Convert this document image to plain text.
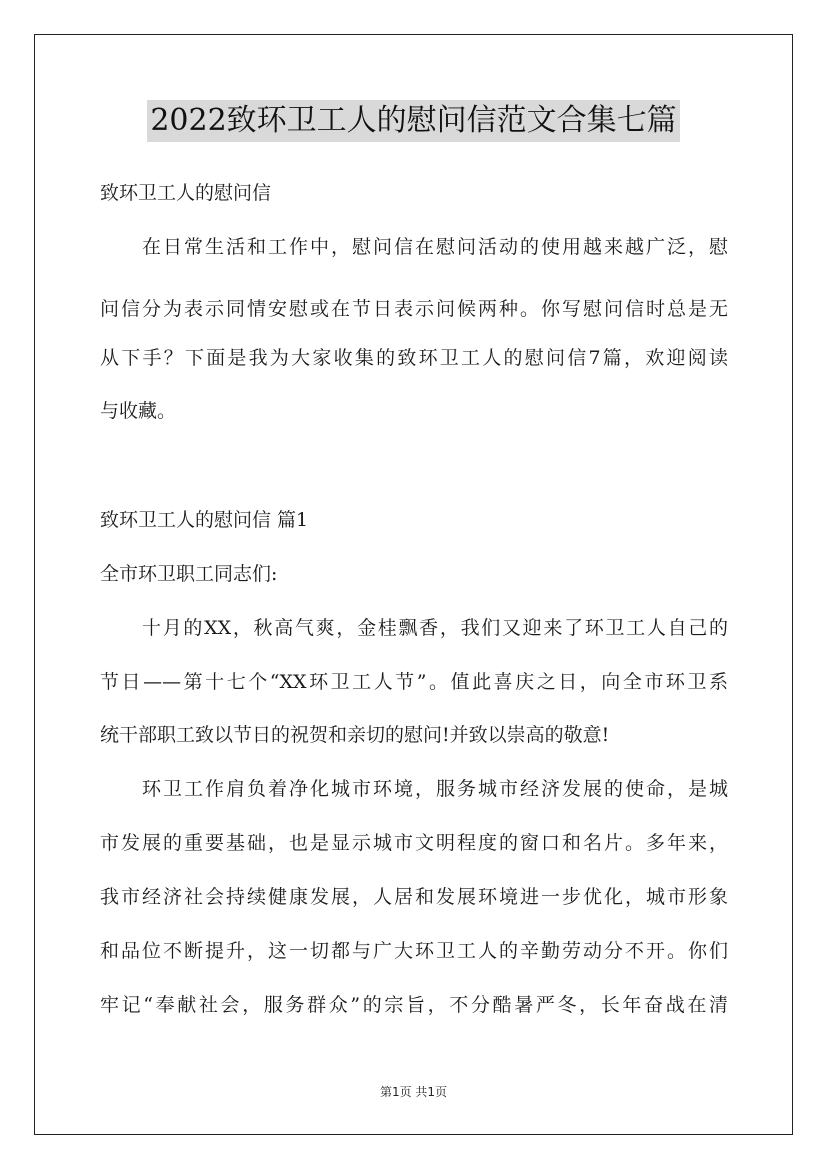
2022致环卫工人的慰问信范文合集七篇
致环卫工人的慰问信
在日常生活和工作中，慰问信在慰问活动的使用越来越广泛，慰
问信分为表示同情安慰或在节日表示问候两种。你写慰问信时总是无
从下手？下面是我为大家收集的致环卫工人的慰问信7篇，欢迎阅读
与收藏。
致环卫工人的慰问信 篇1
全市环卫职工同志们:
十月的XX，秋高气爽，金桂飘香，我们又迎来了环卫工人自己的
节日——第十七个“XX环卫工人节”。值此喜庆之日，向全市环卫系
统干部职工致以节日的祝贺和亲切的慰问!并致以崇高的敬意!
环卫工作肩负着净化城市环境，服务城市经济发展的使命，是城
市发展的重要基础，也是显示城市文明程度的窗口和名片。多年来，
我市经济社会持续健康发展，人居和发展环境进一步优化，城市形象
和品位不断提升，这一切都与广大环卫工人的辛勤劳动分不开。你们
牢记“奉献社会，服务群众”的宗旨，不分酷暑严冬，长年奋战在清
第1页 共1页
